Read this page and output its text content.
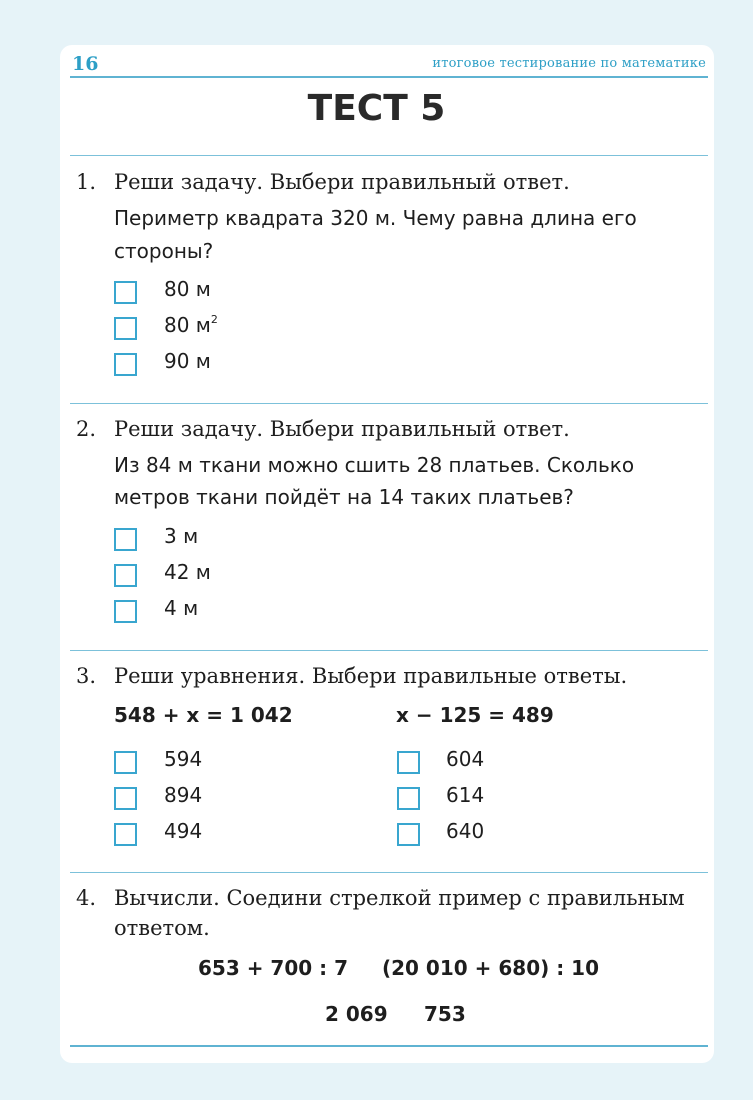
16	итоговое тестирование по математике
ТЕСТ 5
1. Реши задачу. Выбери правильный ответ.
Периметр квадрата 320 м. Чему равна длина его
стороны?
80 м
80 $м^2$
90 м
2. Реши задачу. Выбери правильный ответ.
Из 84 м ткани можно сшить 28 платьев. Сколько
метров ткани пойдёт на 14 таких платьев?
3 м
42 м
4 м
3. Реши уравнения. Выбери правильные ответы.
548 + x = 1 042	x − 125 = 489
594
894
494
604
614
640
4. Вычисли. Соедини стрелкой пример с правильным
ответом.
653 + 700 : 7 (20 010 + 680) : 10
2 069 753
